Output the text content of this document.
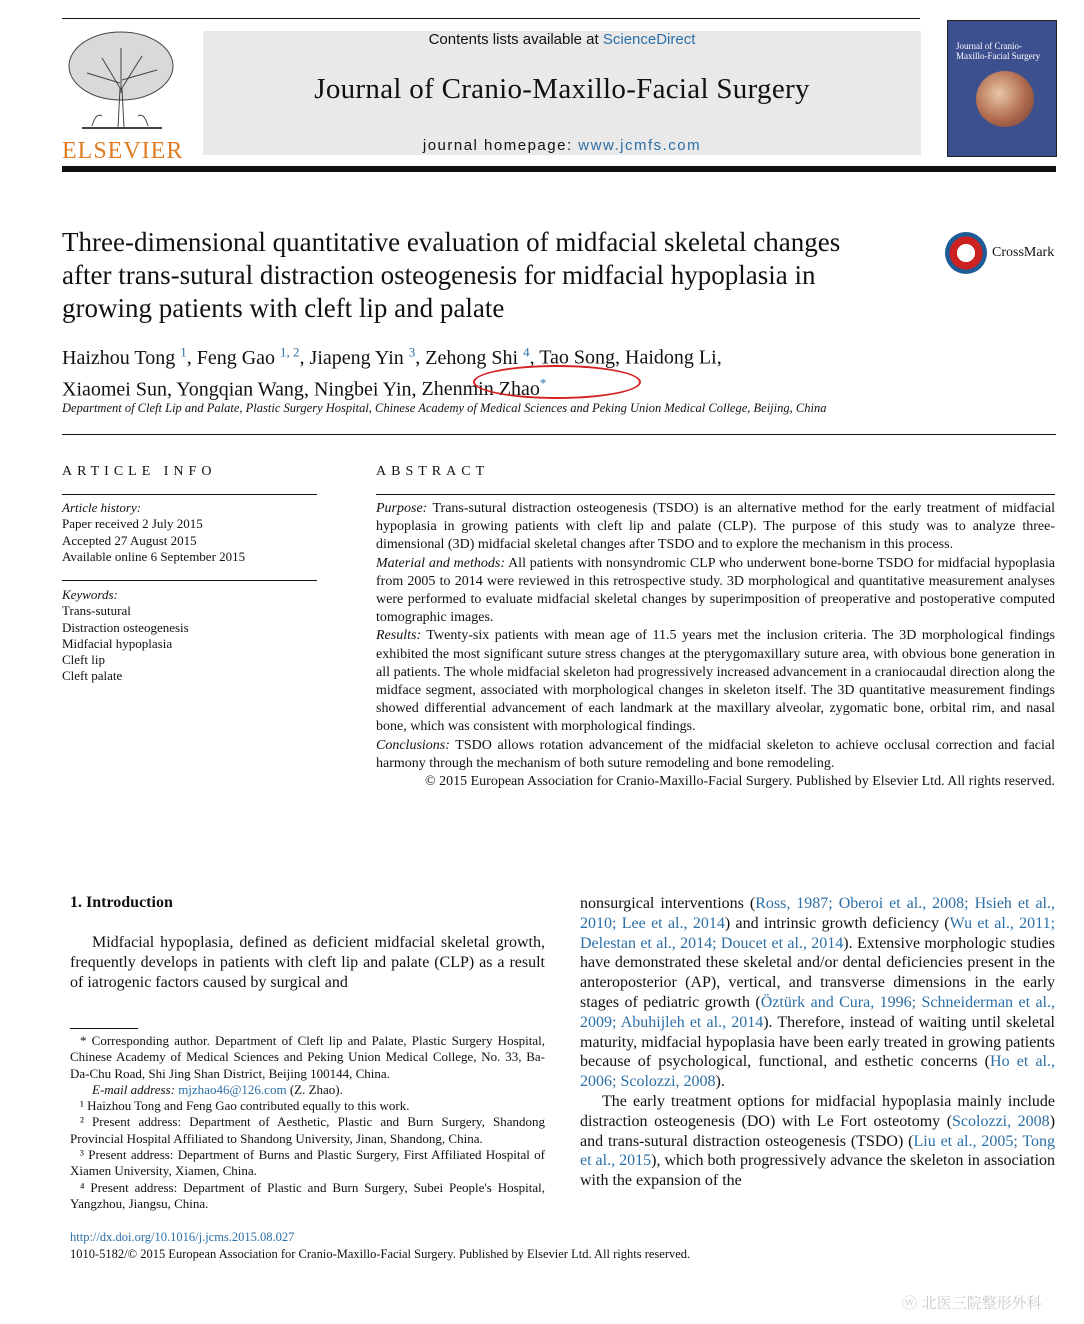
ELSEVIER
Contents lists available at ScienceDirect
Journal of Cranio-Maxillo-Facial Surgery
journal homepage: www.jcmfs.com
Journal of Cranio-Maxillo-Facial Surgery
Three-dimensional quantitative evaluation of midfacial skeletal changes after trans-sutural distraction osteogenesis for midfacial hypoplasia in growing patients with cleft lip and palate
CrossMark
Haizhou Tong $^1$, Feng Gao $^{1, 2}$, Jiapeng Yin $^3$, Zehong Shi $^4$, Tao Song, Haidong Li,
Xiaomei Sun, Yongqian Wang, Ningbei Yin, Zhenmin Zhao*
Department of Cleft Lip and Palate, Plastic Surgery Hospital, Chinese Academy of Medical Sciences and Peking Union Medical College, Beijing, China
ARTICLE INFO
Article history:
Paper received 2 July 2015
Accepted 27 August 2015
Available online 6 September 2015
Keywords:
Trans-sutural
Distraction osteogenesis
Midfacial hypoplasia
Cleft lip
Cleft palate
ABSTRACT
Purpose: Trans-sutural distraction osteogenesis (TSDO) is an alternative method for the early treatment of midfacial hypoplasia in growing patients with cleft lip and palate (CLP). The purpose of this study was to analyze three-dimensional (3D) midfacial skeletal changes after TSDO and to explore the mechanism in this process.
Material and methods: All patients with nonsyndromic CLP who underwent bone-borne TSDO for midfacial hypoplasia from 2005 to 2014 were reviewed in this retrospective study. 3D morphological and quantitative measurement analyses were performed to evaluate midfacial skeletal changes by superimposition of preoperative and postoperative computed tomographic images.
Results: Twenty-six patients with mean age of 11.5 years met the inclusion criteria. The 3D morphological findings exhibited the most significant suture stress changes at the pterygomaxillary suture area, with obvious bone generation in all patients. The whole midfacial skeleton had progressively increased advancement in a craniocaudal direction along the midface segment, associated with morphological changes in skeleton itself. The 3D quantitative measurement findings showed differential advancement of each landmark at the maxillary alveolar, zygomatic bone, orbital rim, and nasal bone, which was consistent with morphological findings.
Conclusions: TSDO allows rotation advancement of the midfacial skeleton to achieve occlusal correction and facial harmony through the mechanism of both suture remodeling and bone remodeling.
© 2015 European Association for Cranio-Maxillo-Facial Surgery. Published by Elsevier Ltd. All rights reserved.
1. Introduction
Midfacial hypoplasia, defined as deficient midfacial skeletal growth, frequently develops in patients with cleft lip and palate (CLP) as a result of iatrogenic factors caused by surgical and

nonsurgical interventions (Ross, 1987; Oberoi et al., 2008; Hsieh et al., 2010; Lee et al., 2014) and intrinsic growth deficiency (Wu et al., 2011; Delestan et al., 2014; Doucet et al., 2014). Extensive morphologic studies have demonstrated these skeletal and/or dental deficiencies present in the anteroposterior (AP), vertical, and transverse dimensions in the early stages of pediatric growth (Öztürk and Cura, 1996; Schneiderman et al., 2009; Abuhijleh et al., 2014). Therefore, instead of waiting until skeletal maturity, midfacial hypoplasia have been early treated in growing patients because of psychological, functional, and esthetic concerns (Ho et al., 2006; Scolozzi, 2008).

The early treatment options for midfacial hypoplasia mainly include distraction osteogenesis (DO) with Le Fort osteotomy (Scolozzi, 2008) and trans-sutural distraction osteogenesis (TSDO) (Liu et al., 2005; Tong et al., 2015), which both progressively advance the skeleton in association with the expansion of the

* Corresponding author. Department of Cleft lip and Palate, Plastic Surgery Hospital, Chinese Academy of Medical Sciences and Peking Union Medical College, No. 33, Ba-Da-Chu Road, Shi Jing Shan District, Beijing 100144, China.

E-mail address: mjzhao46@126.com (Z. Zhao).

¹ Haizhou Tong and Feng Gao contributed equally to this work.

² Present address: Department of Aesthetic, Plastic and Burn Surgery, Shandong Provincial Hospital Affiliated to Shandong University, Jinan, Shandong, China.

³ Present address: Department of Burns and Plastic Surgery, First Affiliated Hospital of Xiamen University, Xiamen, China.

⁴ Present address: Department of Plastic and Burn Surgery, Subei People's Hospital, Yangzhou, Jiangsu, China.

http://dx.doi.org/10.1016/j.jcms.2015.08.027
1010-5182/© 2015 European Association for Cranio-Maxillo-Facial Surgery. Published by Elsevier Ltd. All rights reserved.
ⓦ 北医三院整形外科
